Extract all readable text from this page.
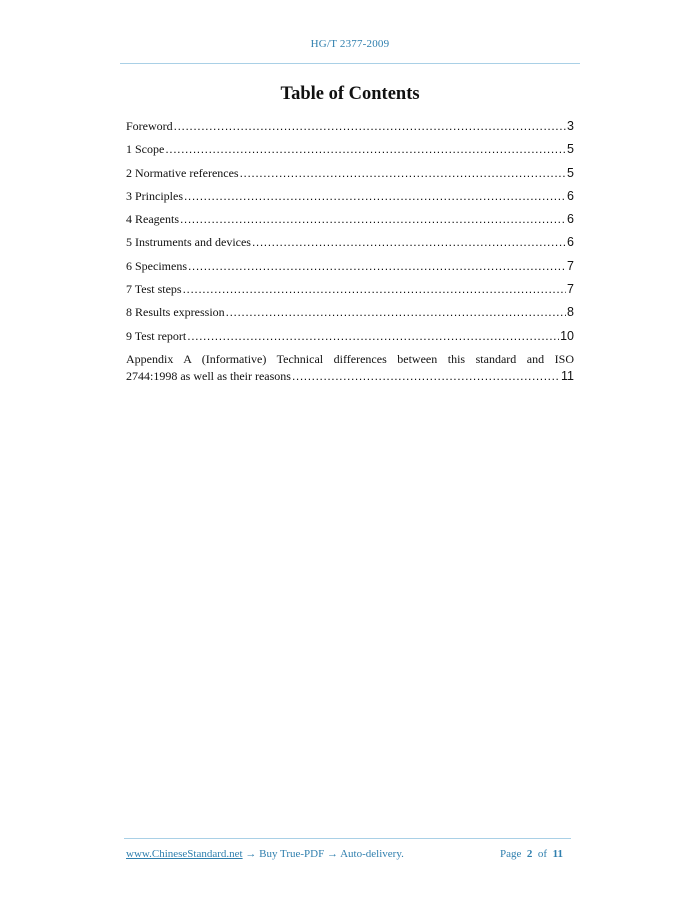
HG/T 2377-2009
Table of Contents
Foreword .....	3
1 Scope .....	5
2 Normative references .....	5
3 Principles .....	6
4 Reagents .....	6
5 Instruments and devices .....	6
6 Specimens .....	7
7 Test steps .....	7
8 Results expression .....	8
9 Test report .....	10
Appendix A (Informative) Technical differences between this standard and ISO
2744:1998 as well as their reasons .....	11
www.ChineseStandard.net → Buy True-PDF → Auto-delivery.	Page 2 of 11
